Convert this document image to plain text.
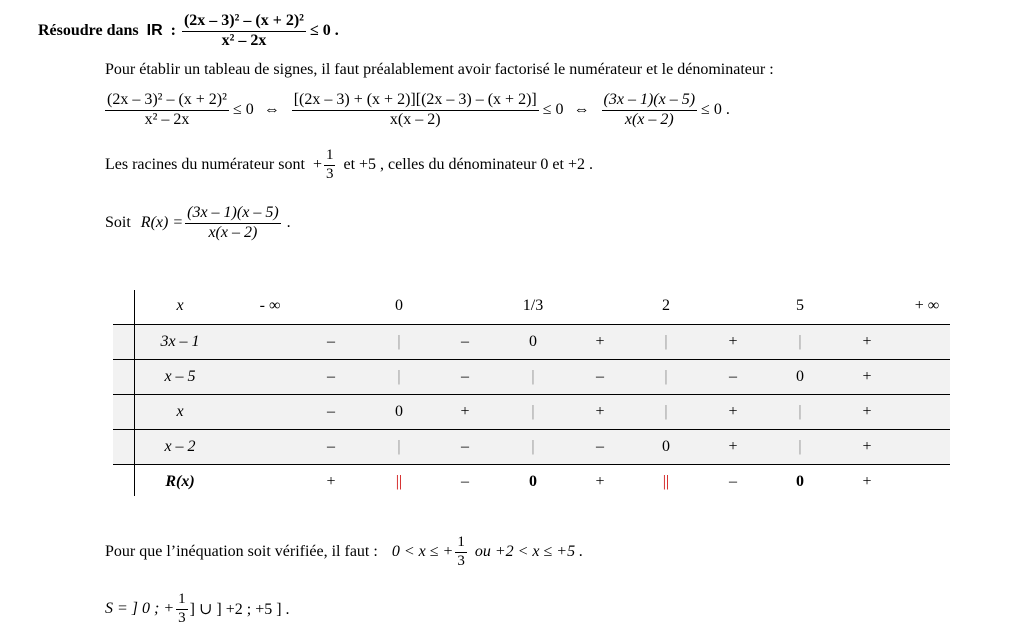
Résoudre dans IR : $\frac{\text{(2x – 3)² – (x + 2)²}}{\text{x² – 2x}} \le 0$ .
Pour établir un tableau de signes, il faut préalablement avoir factorisé le numérateur et le dénominateur :
$\frac{\text{(2x – 3)² – (x + 2)²}}{\text{x² – 2x}} \le 0$ ⇔ $\frac{[(2x - 3) + (x + 2)][(2x - 3) - (x + 2)]}{x(x - 2)} \le 0$ ⇔ $\frac{(3x - 1)(x - 5)}{x(x - 2)} \le 0$ .
Les racines du numérateur sont + $\frac{1}{3}$ et +5 , celles du dénominateur 0 et +2 .
Soit $R(x) = \frac{(3x - 1)(x - 5)}{x(x - 2)}$ .
x	- ∞	0	1/3	2	5	+ ∞
3x – 1	–	|	–	0	+	|	+	|	+
x – 5	–	|	–	|	–	|	–	0	+
x	–	0	+	|	+	|	+	|	+
x – 2	–	|	–	|	–	0	+	|	+
R(x)	+	||	–	0	+	||	–	0	+
Pour que l’inéquation soit vérifiée, il faut : 0 < x ≤ + $\frac{1}{3}$ ou +2 < x ≤ +5 .
S = ] 0 ; + $\frac{1}{3}$ ] ∪ ] +2 ; +5 ] .
